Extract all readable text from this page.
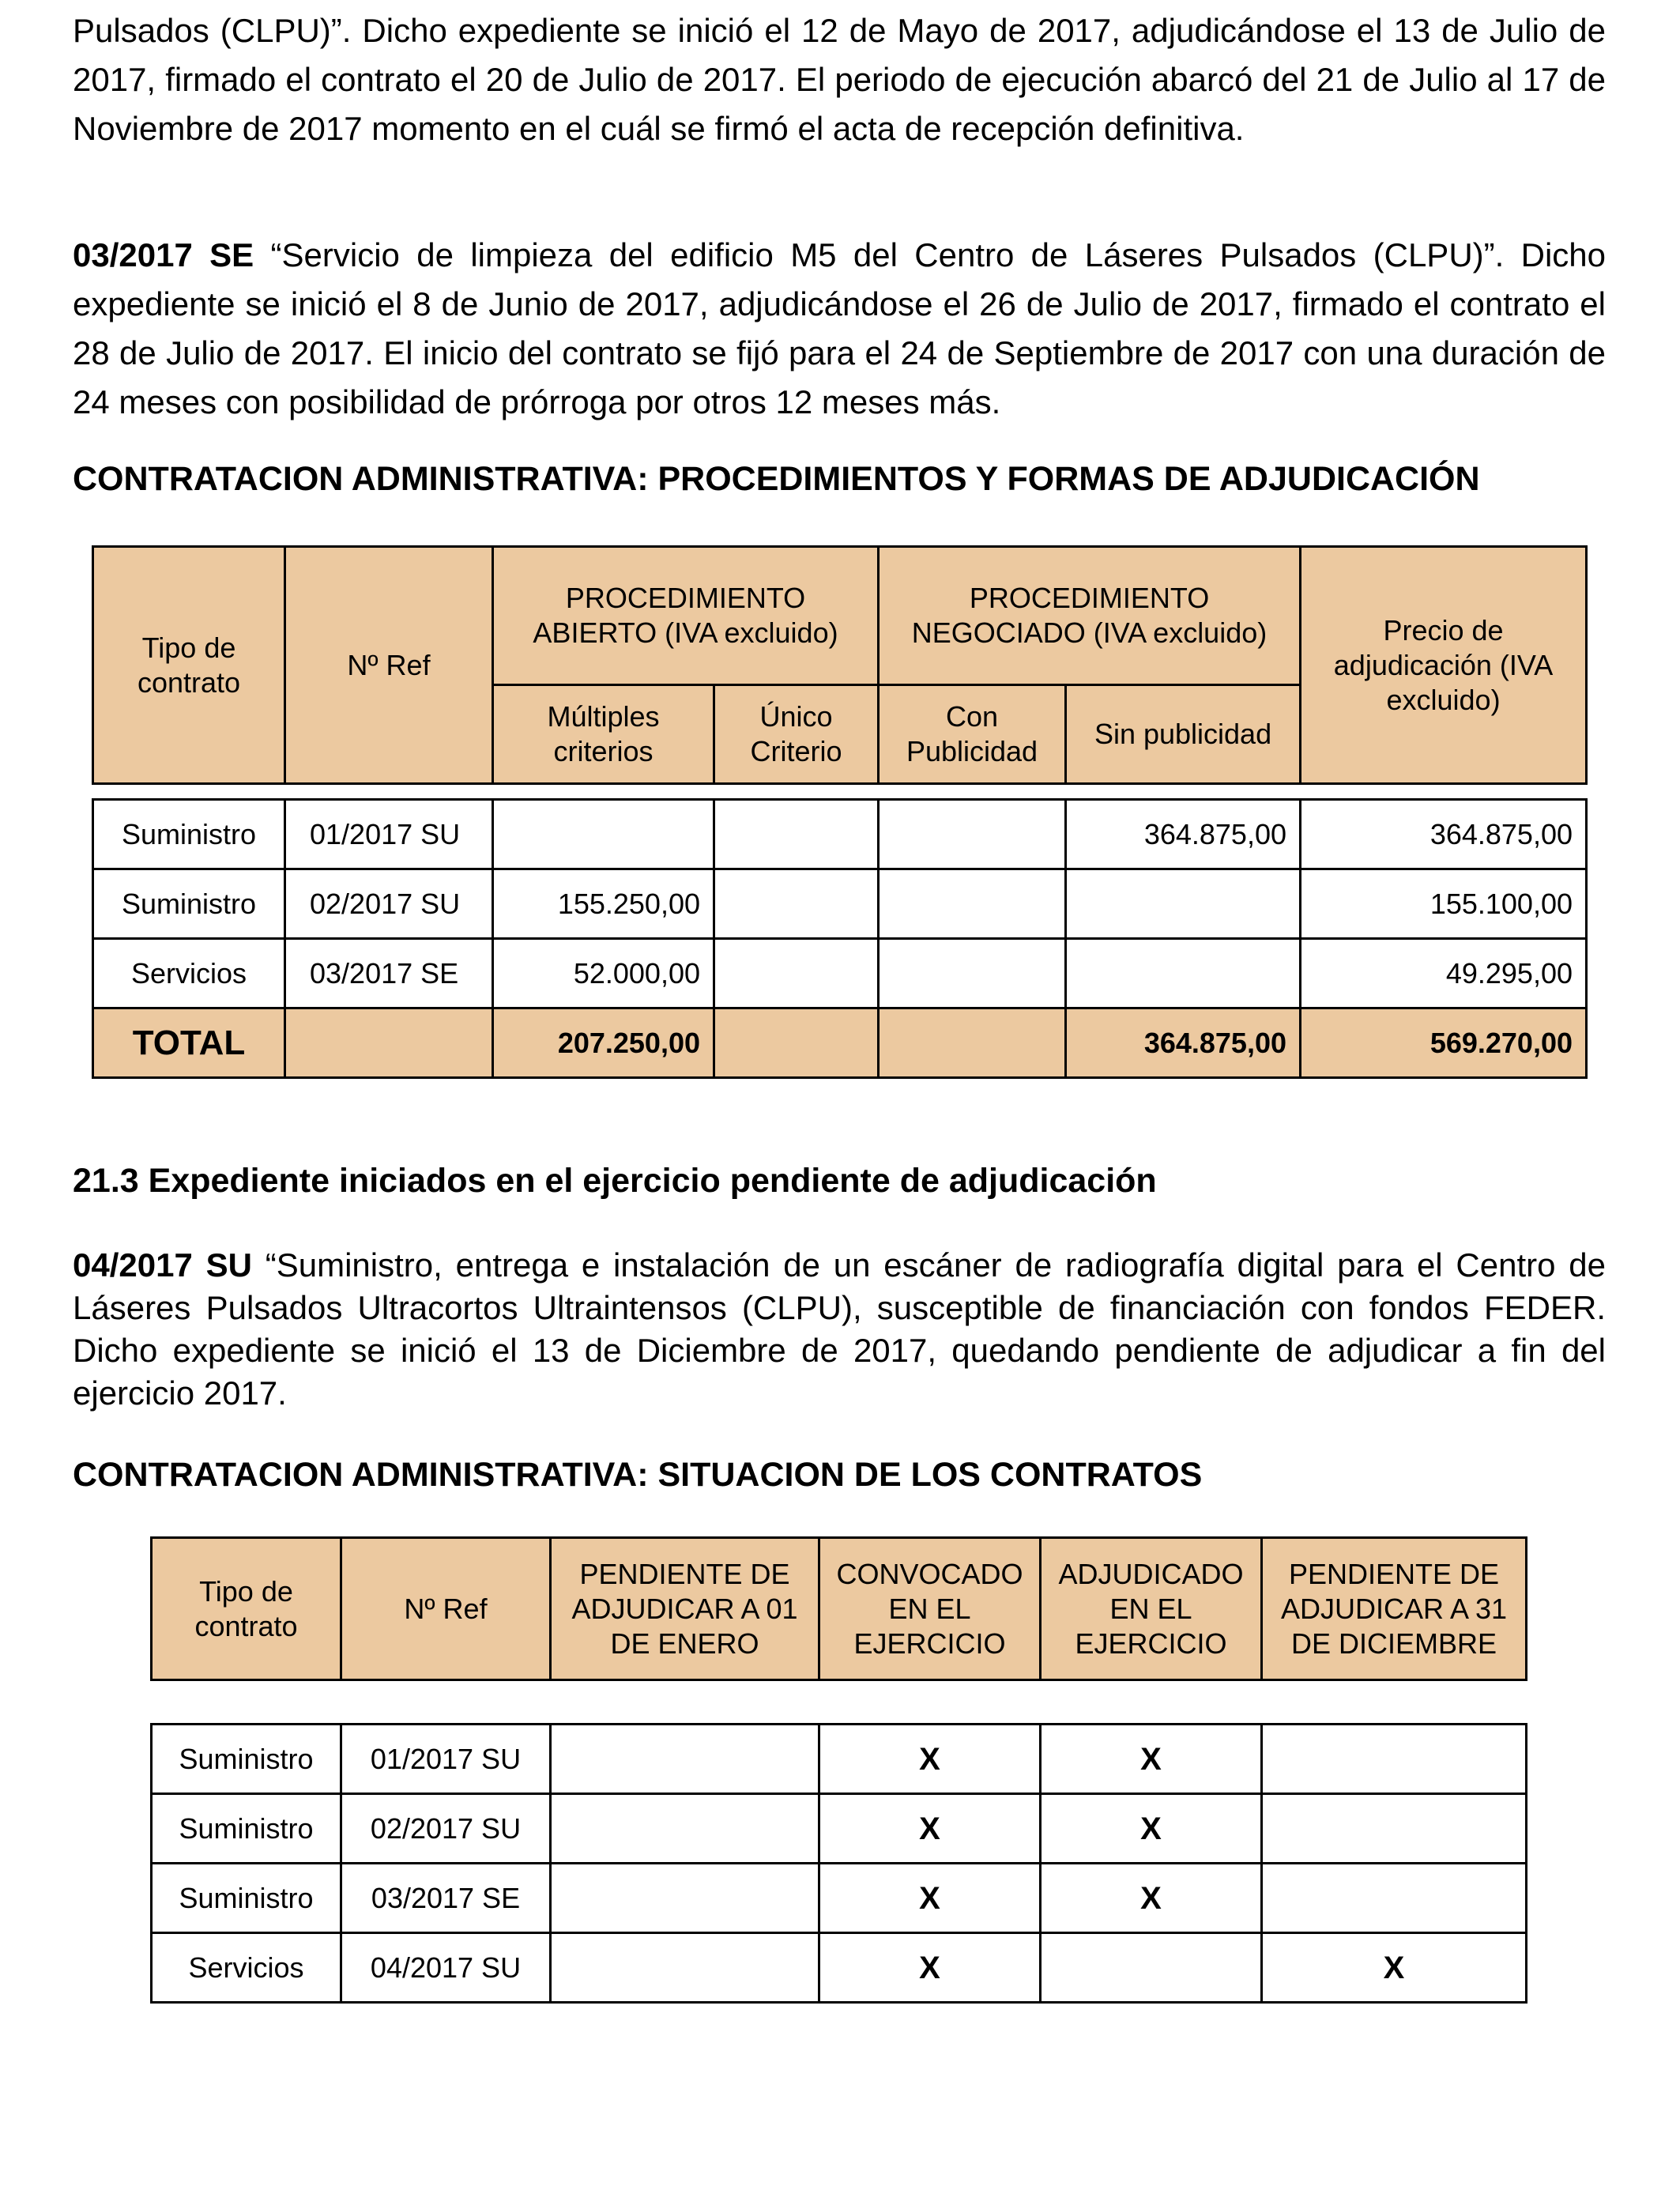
Pulsados (CLPU)”. Dicho expediente se inició el 12 de Mayo de 2017, adjudicándose el 13 de Julio de 2017, firmado el contrato el 20 de Julio de 2017. El periodo de ejecución abarcó del 21 de Julio al 17 de Noviembre de 2017 momento en el cuál se firmó el acta de recepción definitiva.

03/2017 SE “Servicio de limpieza del edificio M5 del Centro de Láseres Pulsados (CLPU)”. Dicho expediente se inició el 8 de Junio de 2017, adjudicándose el 26 de Julio de 2017, firmado el contrato el 28 de Julio de 2017. El inicio del contrato se fijó para el 24 de Septiembre de 2017 con una duración de 24 meses con posibilidad de prórroga por otros 12 meses más.

CONTRATACION ADMINISTRATIVA: PROCEDIMIENTOS Y FORMAS DE ADJUDICACIÓN
21.3 Expediente iniciados en el ejercicio pendiente de adjudicación

04/2017 SU “Suministro, entrega e instalación de un escáner de radiografía digital para el Centro de Láseres Pulsados Ultracortos Ultraintensos (CLPU), susceptible de financiación con fondos FEDER. Dicho expediente se inició el 13 de Diciembre de 2017, quedando pendiente de adjudicar a fin del ejercicio 2017.

CONTRATACION ADMINISTRATIVA: SITUACION DE LOS CONTRATOS
Tipo de contrato	Nº Ref	PROCEDIMIENTO ABIERTO (IVA excluido)		PROCEDIMIENTO NEGOCIADO (IVA excluido)		Precio de adjudicación (IVA excluido)
		Múltiples criterios	Único Criterio	Con Publicidad	Sin publicidad	
Suministro	01/2017 SU				364.875,00	364.875,00
Suministro	02/2017 SU	155.250,00				155.100,00
Servicios	03/2017 SE	52.000,00				49.295,00
TOTAL		207.250,00			364.875,00	569.270,00
Tipo de contrato	Nº Ref	PENDIENTE DE ADJUDICAR A 01 DE ENERO	CONVOCADO EN EL EJERCICIO	ADJUDICADO EN EL EJERCICIO	PENDIENTE DE ADJUDICAR A 31 DE DICIEMBRE
Suministro	01/2017 SU		X	X	
Suministro	02/2017 SU		X	X	
Suministro	03/2017 SE		X	X	
Servicios	04/2017 SU		X		X
